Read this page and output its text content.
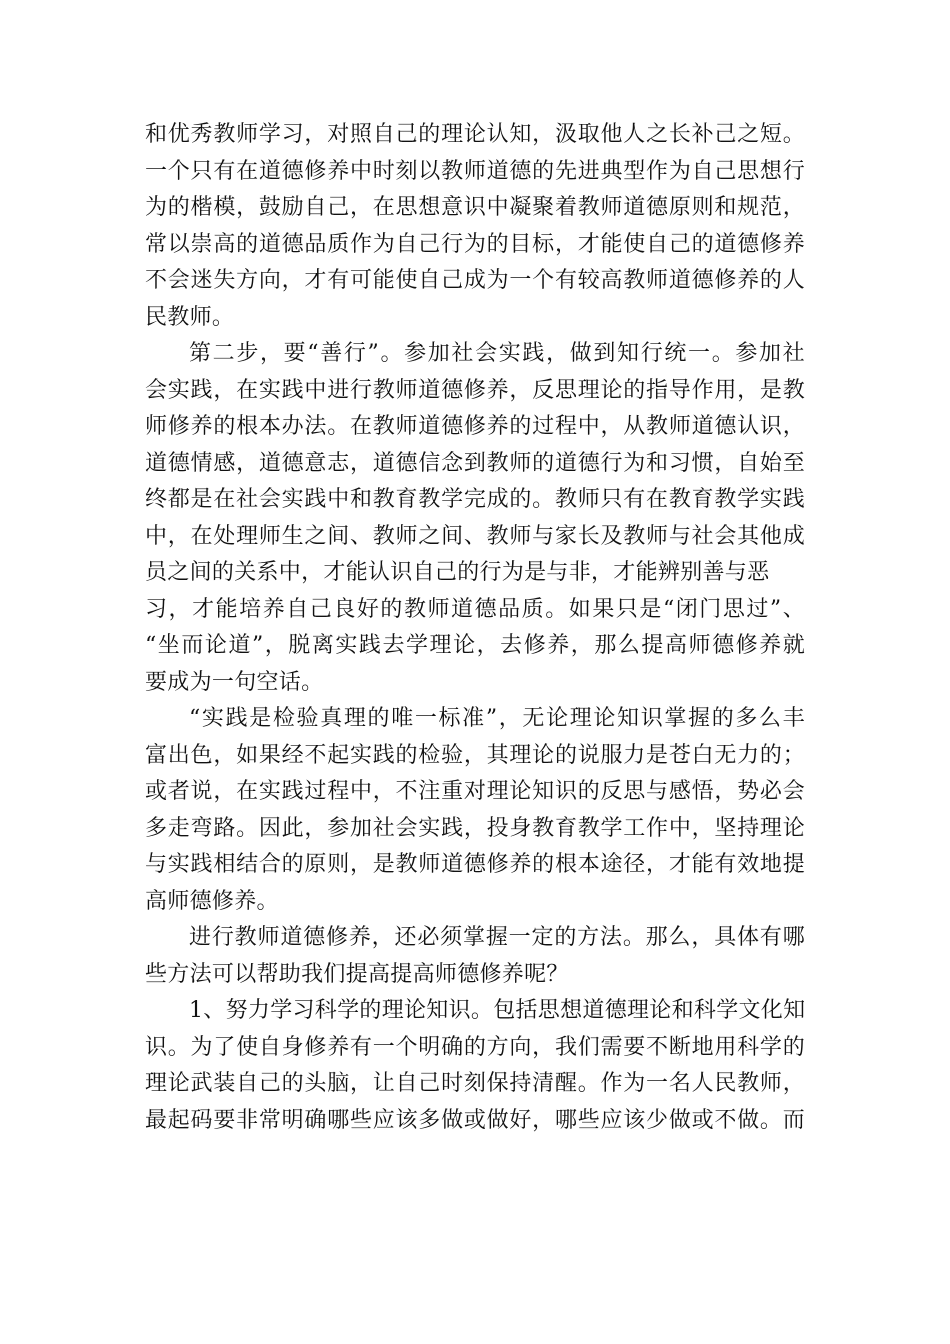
和优秀教师学习，对照自己的理论认知，汲取他人之长补己之短。
一个只有在道德修养中时刻以教师道德的先进典型作为自己思想行
为的楷模，鼓励自己，在思想意识中凝聚着教师道德原则和规范，
常以崇高的道德品质作为自己行为的目标，才能使自己的道德修养
不会迷失方向，才有可能使自己成为一个有较高教师道德修养的人
民教师。
第二步，要“善行”。参加社会实践，做到知行统一。参加社
会实践，在实践中进行教师道德修养，反思理论的指导作用，是教
师修养的根本办法。在教师道德修养的过程中，从教师道德认识，
道德情感，道德意志，道德信念到教师的道德行为和习惯，自始至
终都是在社会实践中和教育教学完成的。教师只有在教育教学实践
中，在处理师生之间、教师之间、教师与家长及教师与社会其他成
员之间的关系中，才能认识自己的行为是与非，才能辨别善与恶
习，才能培养自己良好的教师道德品质。如果只是“闭门思过”、
“坐而论道”，脱离实践去学理论，去修养，那么提高师德修养就
要成为一句空话。
“实践是检验真理的唯一标准”，无论理论知识掌握的多么丰
富出色，如果经不起实践的检验，其理论的说服力是苍白无力的；
或者说，在实践过程中，不注重对理论知识的反思与感悟，势必会
多走弯路。因此，参加社会实践，投身教育教学工作中，坚持理论
与实践相结合的原则，是教师道德修养的根本途径，才能有效地提
高师德修养。
进行教师道德修养，还必须掌握一定的方法。那么，具体有哪
些方法可以帮助我们提高提高师德修养呢？
1、努力学习科学的理论知识。包括思想道德理论和科学文化知
识。为了使自身修养有一个明确的方向，我们需要不断地用科学的
理论武装自己的头脑，让自己时刻保持清醒。作为一名人民教师，
最起码要非常明确哪些应该多做或做好，哪些应该少做或不做。而
